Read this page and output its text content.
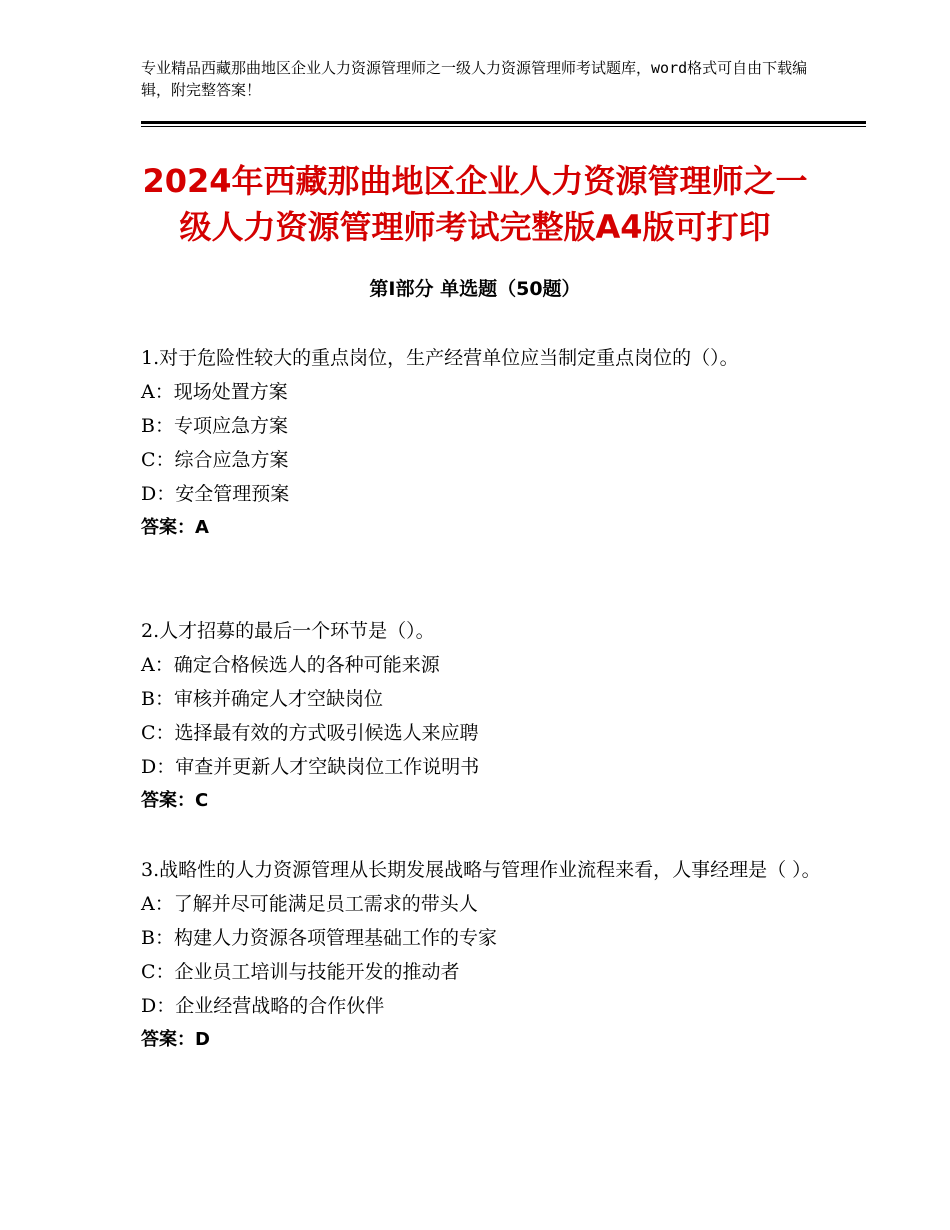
专业精品西藏那曲地区企业人力资源管理师之一级人力资源管理师考试题库，word格式可自由下载编辑，附完整答案！
2024年西藏那曲地区企业人力资源管理师之一级人力资源管理师考试完整版A4版可打印
第I部分 单选题（50题）

1.对于危险性较大的重点岗位，生产经营单位应当制定重点岗位的（）。

A：现场处置方案

B：专项应急方案

C：综合应急方案

D：安全管理预案

答案：A

2.人才招募的最后一个环节是（）。

A：确定合格候选人的各种可能来源

B：审核并确定人才空缺岗位

C：选择最有效的方式吸引候选人来应聘

D：审查并更新人才空缺岗位工作说明书

答案：C

3.战略性的人力资源管理从长期发展战略与管理作业流程来看，人事经理是（ ）。

A：了解并尽可能满足员工需求的带头人

B：构建人力资源各项管理基础工作的专家

C：企业员工培训与技能开发的推动者

D：企业经营战略的合作伙伴

答案：D
